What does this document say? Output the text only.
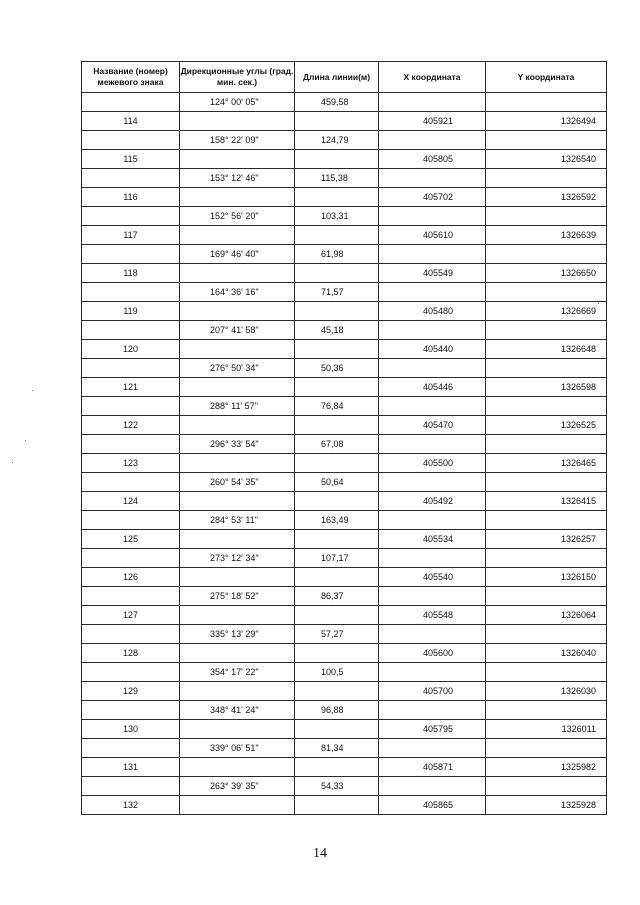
Название (номер) межевого знака	Дирекционные углы (град. мин. сек.)	Длина линии(м)	X координата	Y координата
	124° 00' 05"	459,58		
114			405921	1326494
	158° 22' 09"	124,79		
115			405805	1326540
	153° 12' 46"	115,38		
116			405702	1326592
	152° 56' 20"	103,31		
117			405610	1326639
	169° 46' 40"	61,98		
118			405549	1326650
	164° 36' 16"	71,57		
119			405480	1326669
	207° 41' 58"	45,18		
120			405440	1326648
	276° 50' 34"	50,36		
121			405446	1326598
	288° 11' 57"	76,84		
122			405470	1326525
	296° 33' 54"	67,08		
123			405500	1326465
	260° 54' 35"	50,64		
124			405492	1326415
	284° 53' 11"	163,49		
125			405534	1326257
	273° 12' 34"	107,17		
126			405540	1326150
	275° 18' 52"	86,37		
127			405548	1326064
	335° 13' 29"	57,27		
128			405600	1326040
	354° 17' 22"	100,5		
129			405700	1326030
	348° 41' 24"	96,88		
130			405795	1326011
	339° 06' 51"	81,34		
131			405871	1325982
	263° 39' 35"	54,33		
132			405865	1325928
14
